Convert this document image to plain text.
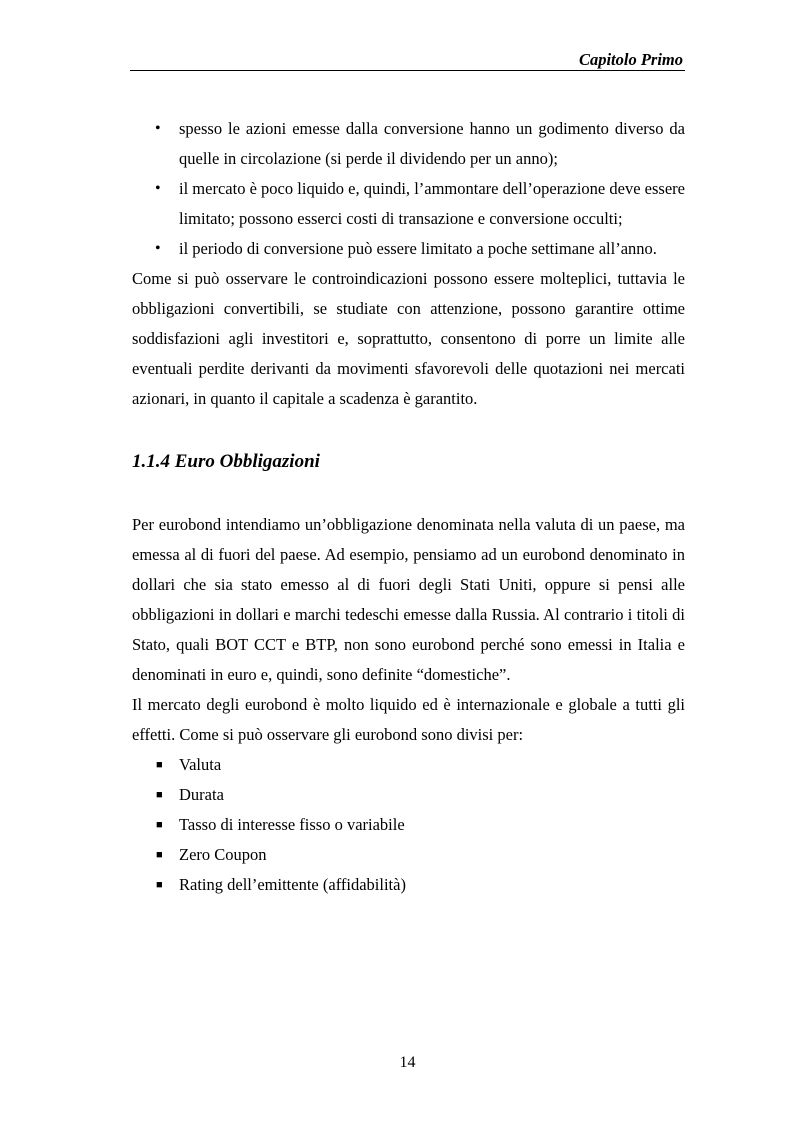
Capitolo Primo
• spesso le azioni emesse dalla conversione hanno un godimento diverso da quelle in circolazione (si perde il dividendo per un anno);
• il mercato è poco liquido e, quindi, l’ammontare dell’operazione deve essere limitato; possono esserci costi di transazione e conversione occulti;
• il periodo di conversione può essere limitato a poche settimane all’anno.

Come si può osservare le controindicazioni possono essere molteplici, tuttavia le obbligazioni convertibili, se studiate con attenzione, possono garantire ottime soddisfazioni agli investitori e, soprattutto, consentono di porre un limite alle eventuali perdite derivanti da movimenti sfavorevoli delle quotazioni nei mercati azionari, in quanto il capitale a scadenza è garantito.

1.1.4 Euro Obbligazioni

Per eurobond intendiamo un’obbligazione denominata nella valuta di un paese, ma emessa al di fuori del paese. Ad esempio, pensiamo ad un eurobond denominato in dollari che sia stato emesso al di fuori degli Stati Uniti, oppure si pensi alle obbligazioni in dollari e marchi tedeschi emesse dalla Russia. Al contrario i titoli di Stato, quali BOT CCT e BTP, non sono eurobond perché sono emessi in Italia e denominati in euro e, quindi, sono definite “domestiche”.

Il mercato degli eurobond è molto liquido ed è internazionale e globale a tutti gli effetti. Come si può osservare gli eurobond sono divisi per:

■ Valuta
■ Durata
■ Tasso di interesse fisso o variabile
■ Zero Coupon
■ Rating dell’emittente (affidabilità)
14
